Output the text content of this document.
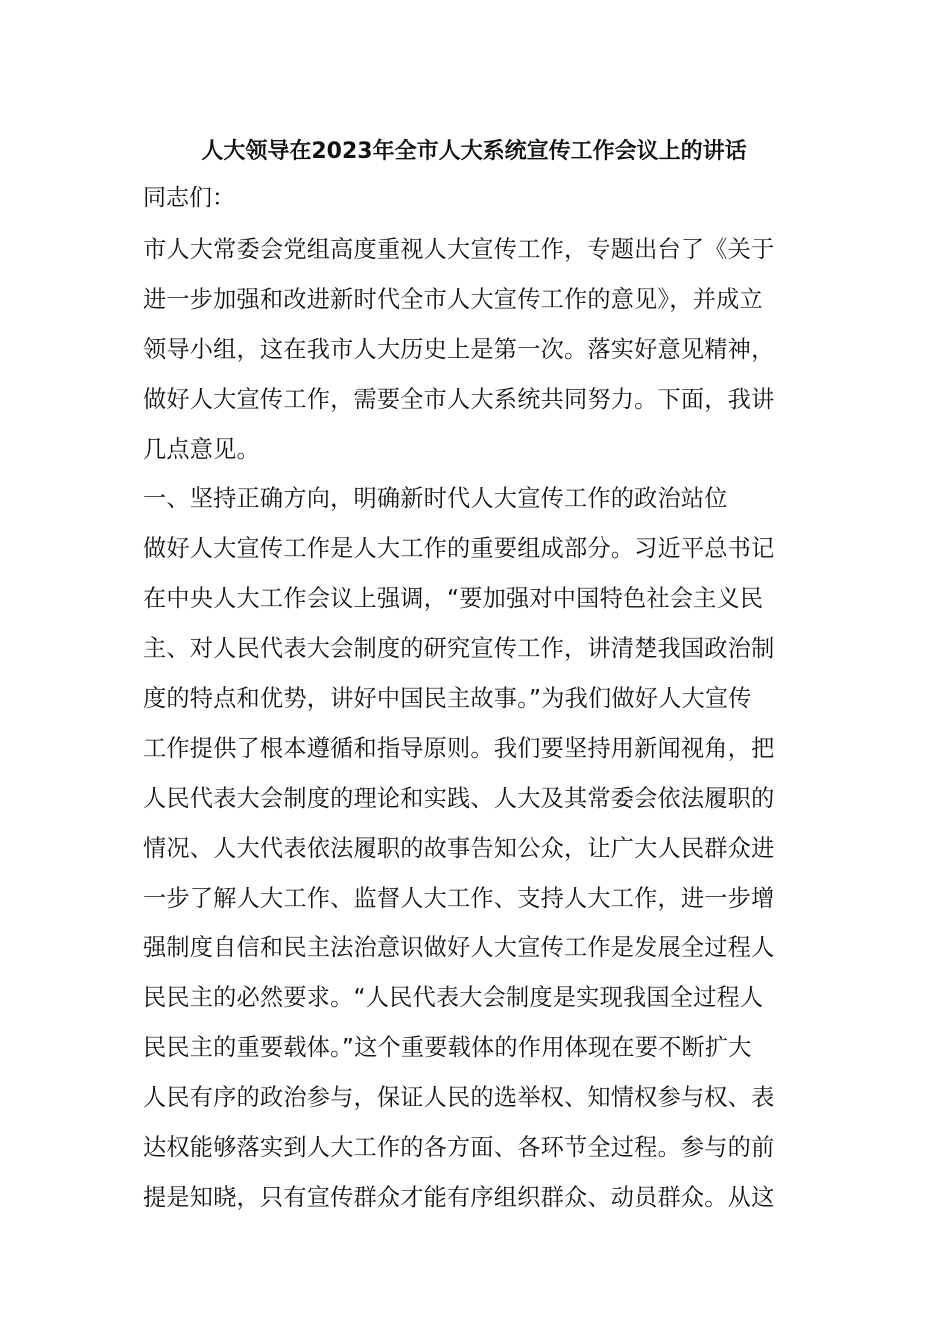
人大领导在2023年全市人大系统宣传工作会议上的讲话
同志们：
市人大常委会党组高度重视人大宣传工作，专题出台了《关于
进一步加强和改进新时代全市人大宣传工作的意见》，并成立
领导小组，这在我市人大历史上是第一次。落实好意见精神，
做好人大宣传工作，需要全市人大系统共同努力。下面，我讲
几点意见。
一、坚持正确方向，明确新时代人大宣传工作的政治站位
做好人大宣传工作是人大工作的重要组成部分。习近平总书记
在中央人大工作会议上强调，“要加强对中国特色社会主义民
主、对人民代表大会制度的研究宣传工作，讲清楚我国政治制
度的特点和优势，讲好中国民主故事。”为我们做好人大宣传
工作提供了根本遵循和指导原则。我们要坚持用新闻视角，把
人民代表大会制度的理论和实践、人大及其常委会依法履职的
情况、人大代表依法履职的故事告知公众，让广大人民群众进
一步了解人大工作、监督人大工作、支持人大工作，进一步增
强制度自信和民主法治意识做好人大宣传工作是发展全过程人
民民主的必然要求。“人民代表大会制度是实现我国全过程人
民民主的重要载体。”这个重要载体的作用体现在要不断扩大
人民有序的政治参与，保证人民的选举权、知情权参与权、表
达权能够落实到人大工作的各方面、各环节全过程。参与的前
提是知晓，只有宣传群众才能有序组织群众、动员群众。从这
